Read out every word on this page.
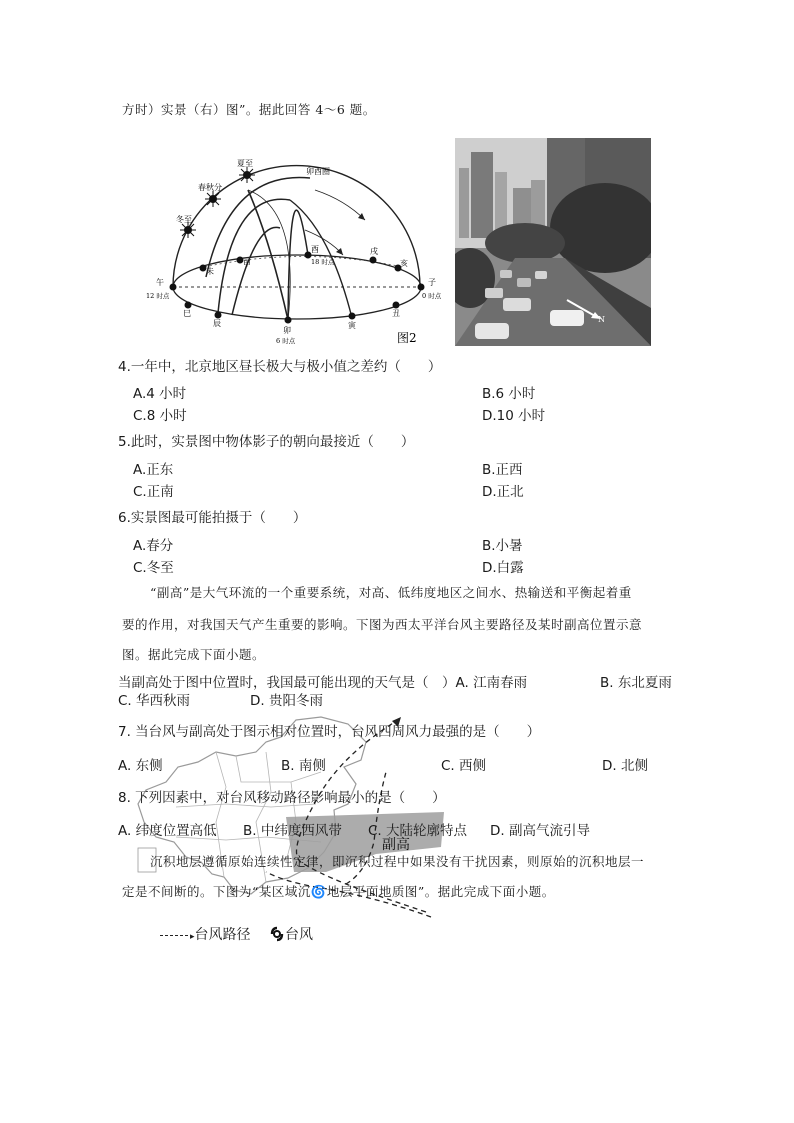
方时）实景（右）图”。据此回答 4～6 题。
夏至
春秋分
冬至
卯酉圈
午
12 时点
子
0 时点
卯
6 时点
酉
18 时点
未
申
巳
辰	寅
丑
戌
亥
图2
N
4.一年中，北京地区昼长极大与极小值之差约（　　）
A.4 小时	B.6 小时
C.8 小时	D.10 小时
5.此时，实景图中物体影子的朝向最接近（　　）
A.正东	B.正西
C.正南	D.正北
6.实景图最可能拍摄于（　　）
A.春分	B.小暑
C.冬至	D.白露
“副高”是大气环流的一个重要系统，对高、低纬度地区之间水、热输送和平衡起着重
要的作用，对我国天气产生重要的影响。下图为西太平洋台风主要路径及某时副高位置示意
图。据此完成下面小题。
副高
当副高处于图中位置时，我国最可能出现的天气是（　）A. 江南春雨	B. 东北夏雨
C. 华西秋雨	D. 贵阳冬雨
7. 当台风与副高处于图示相对位置时，台风四周风力最强的是（　　）
A. 东侧	B. 南侧	C. 西侧	D. 北侧
8. 下列因素中，对台风移动路径影响最小的是（　　）
A. 纬度位置高低 B. 中纬度西风带 C. 大陆轮廓特点 D. 副高气流引导
沉积地层遵循原始连续性定律，即沉积过程中如果没有干扰因素，则原始的沉积地层一
定是不间断的。下图为“某区域沉🌀地层平面地质图”。据此完成下面小题。
▸台风路径 台风
